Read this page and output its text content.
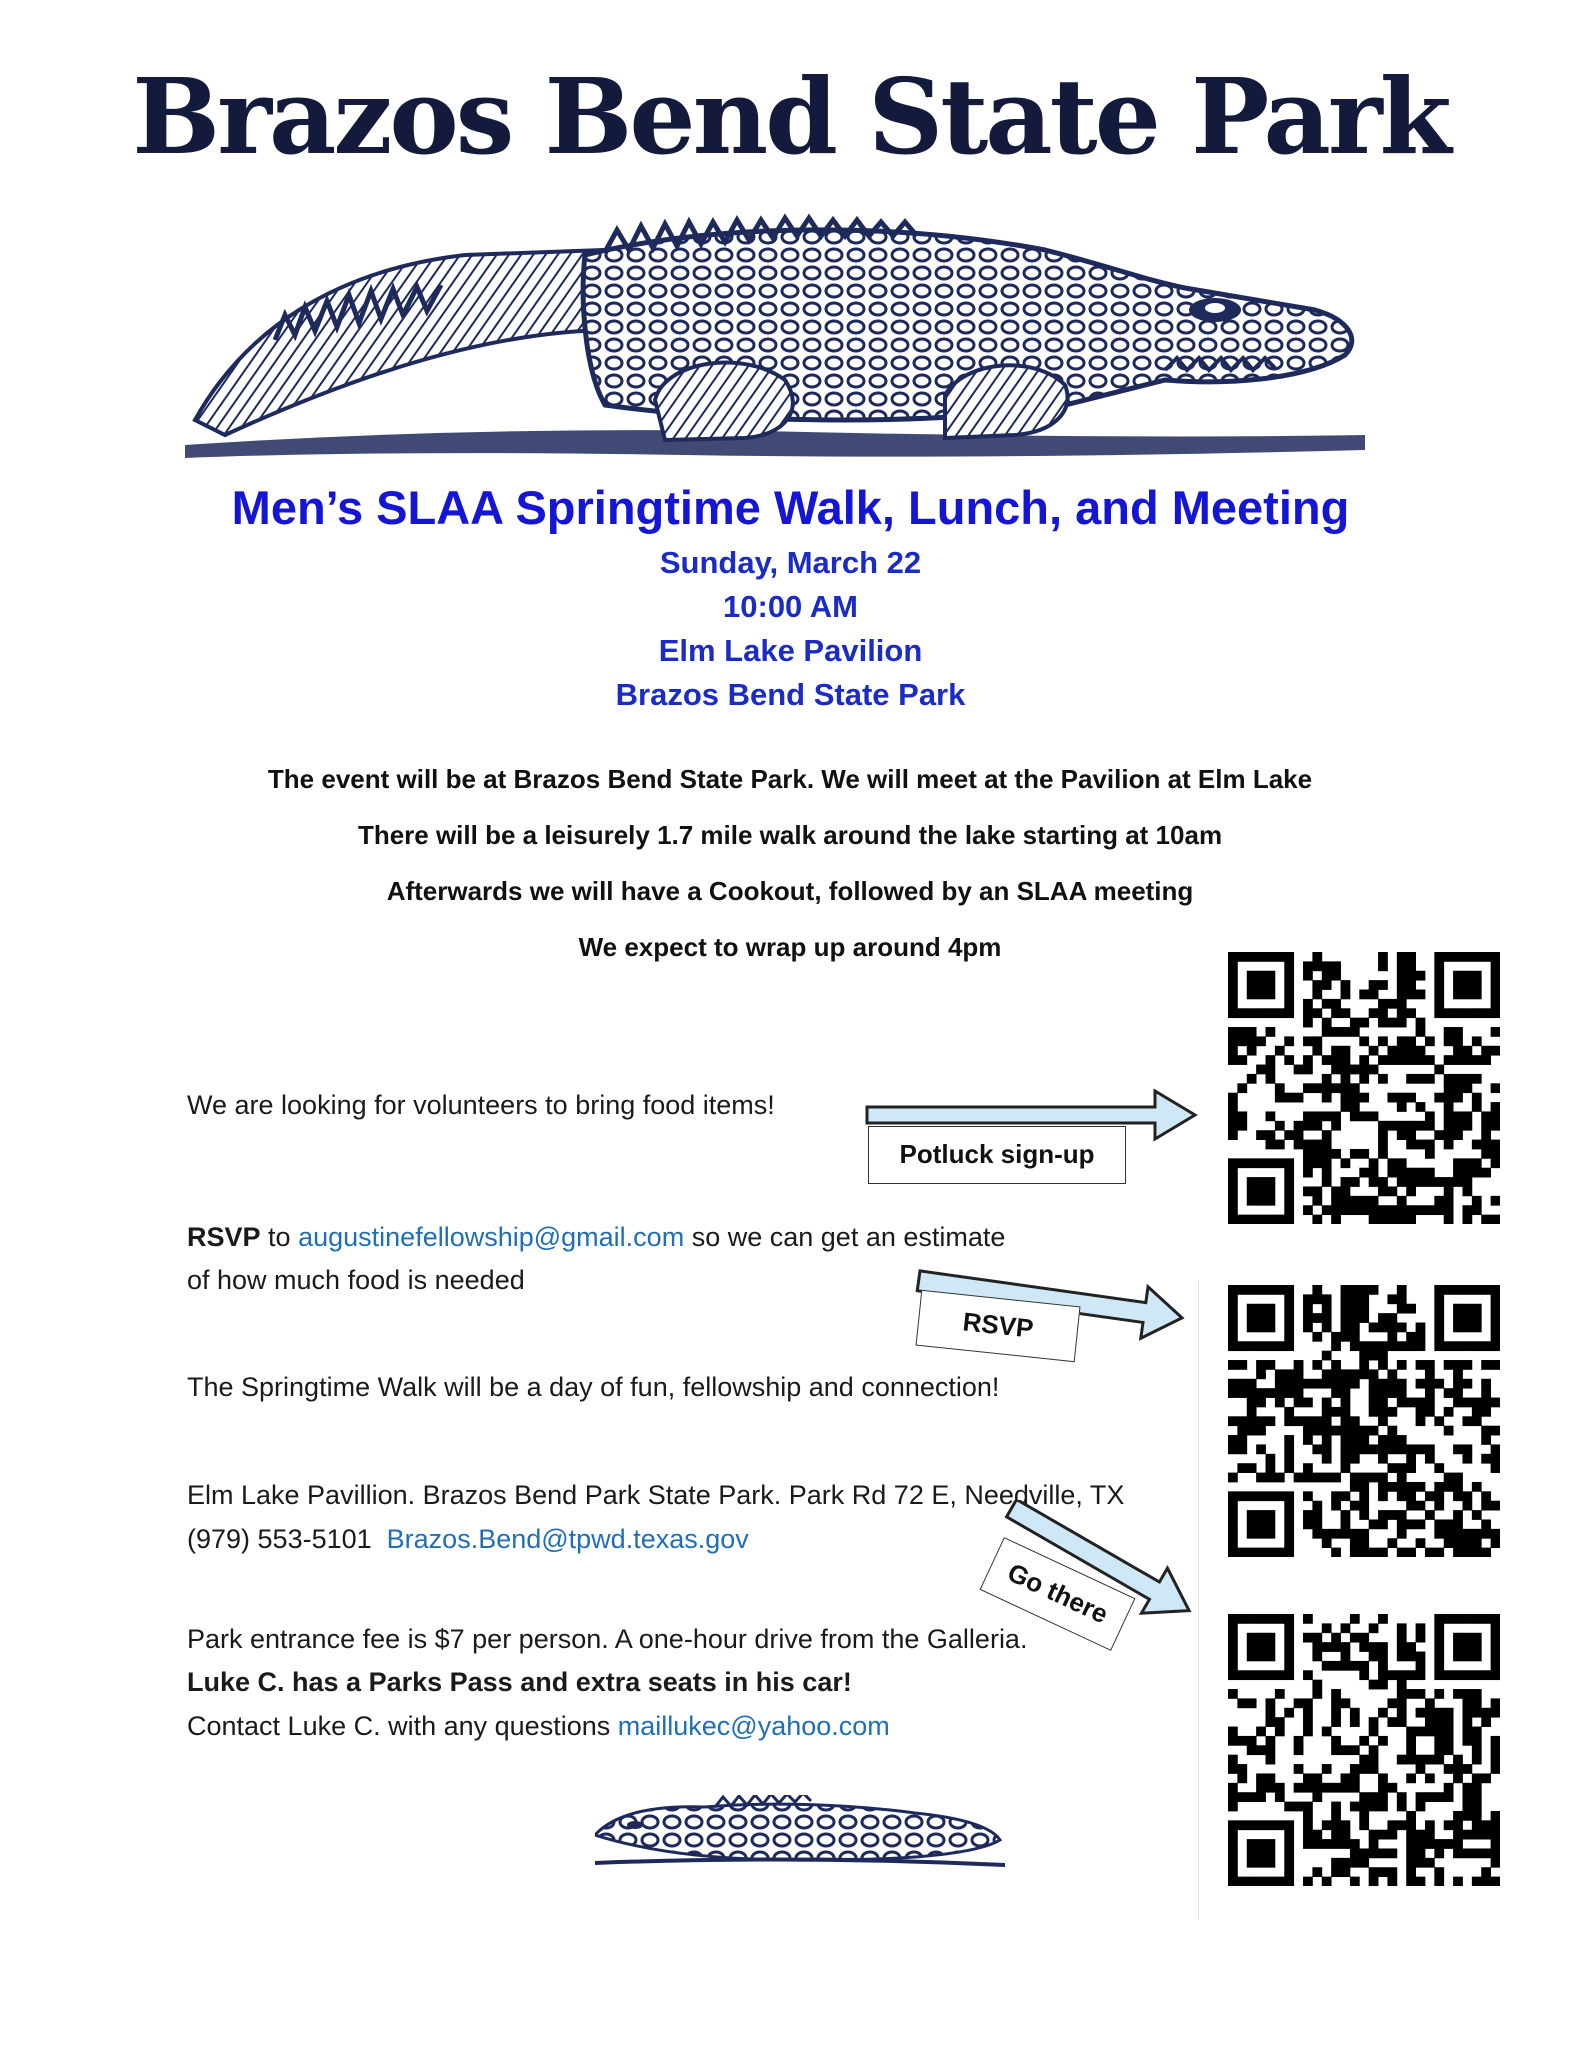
Brazos Bend State Park
Men’s SLAA Springtime Walk, Lunch, and Meeting
Sunday, March 22
10:00 AM
Elm Lake Pavilion
Brazos Bend State Park
The event will be at Brazos Bend State Park. We will meet at the Pavilion at Elm Lake
There will be a leisurely 1.7 mile walk around the lake starting at 10am
Afterwards we will have a Cookout, followed by an SLAA meeting
We expect to wrap up around 4pm
We are looking for volunteers to bring food items!
Potluck sign-up
RSVP to augustinefellowship@gmail.com so we can get an estimate
of how much food is needed
RSVP
The Springtime Walk will be a day of fun, fellowship and connection!
Elm Lake Pavillion. Brazos Bend Park State Park. Park Rd 72 E, Needville, TX
(979) 553-5101 Brazos.Bend@tpwd.texas.gov
Go there
Park entrance fee is $7 per person. A one-hour drive from the Galleria.
Luke C. has a Parks Pass and extra seats in his car!
Contact Luke C. with any questions maillukec@yahoo.com
